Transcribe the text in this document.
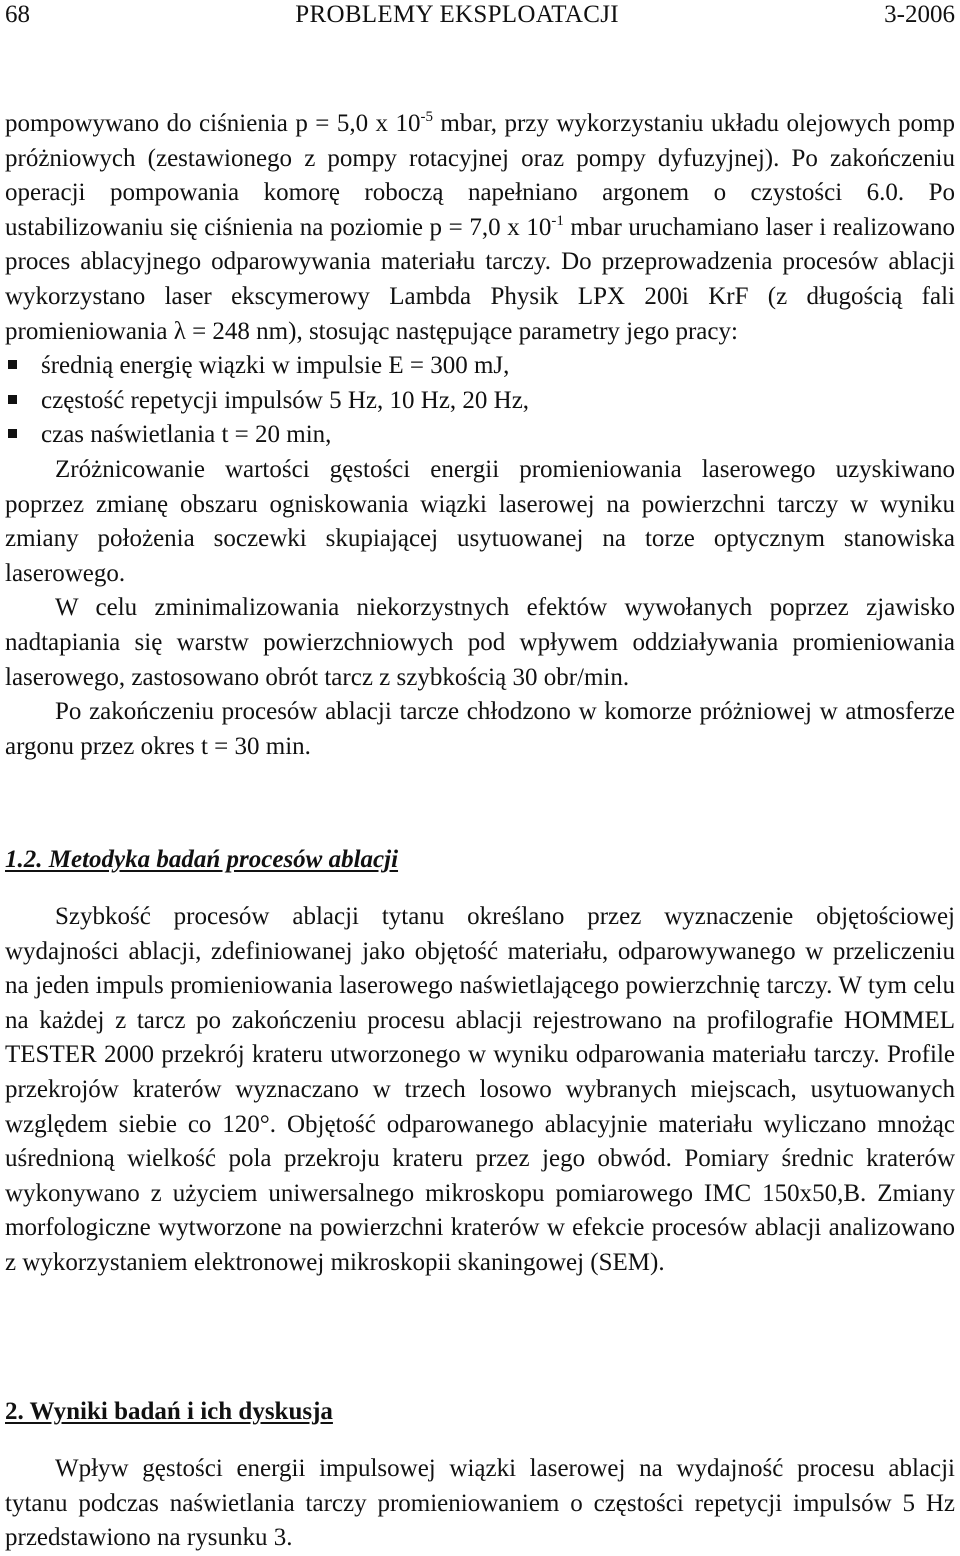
68	PROBLEMY EKSPLOATACJI	3-2006

pompowywano do ciśnienia p = 5,0 x $10^{-5}$ mbar, przy wykorzystaniu układu olejowych pomp próżniowych (zestawionego z pompy rotacyjnej oraz pompy dyfuzyjnej). Po zakończeniu operacji pompowania komorę roboczą napełniano argonem o czystości 6.0. Po ustabilizowaniu się ciśnienia na poziomie p = 7,0 x $10^{-1}$ mbar uruchamiano laser i realizowano proces ablacyjnego odparowywania materiału tarczy. Do przeprowadzenia procesów ablacji wykorzystano laser ekscymerowy Lambda Physik LPX 200i KrF (z długością fali promieniowania λ = 248 nm), stosując następujące parametry jego pracy:

średnią energię wiązki w impulsie E = 300 mJ,
częstość repetycji impulsów 5 Hz, 10 Hz, 20 Hz,
czas naświetlania t = 20 min,

Zróżnicowanie wartości gęstości energii promieniowania laserowego uzyskiwano poprzez zmianę obszaru ogniskowania wiązki laserowej na powierzchni tarczy w wyniku zmiany położenia soczewki skupiającej usytuowanej na torze optycznym stanowiska laserowego.

W celu zminimalizowania niekorzystnych efektów wywołanych poprzez zjawisko nadtapiania się warstw powierzchniowych pod wpływem oddziaływania promieniowania laserowego, zastosowano obrót tarcz z szybkością 30 obr/min.

Po zakończeniu procesów ablacji tarcze chłodzono w komorze próżniowej w atmosferze argonu przez okres t = 30 min.

1.2. Metodyka badań procesów ablacji

Szybkość procesów ablacji tytanu określano przez wyznaczenie objętościowej wydajności ablacji, zdefiniowanej jako objętość materiału, odparowywanego w przeliczeniu na jeden impuls promieniowania laserowego naświetlającego powierzchnię tarczy. W tym celu na każdej z tarcz po zakończeniu procesu ablacji rejestrowano na profilografie HOMMEL TESTER 2000 przekrój krateru utworzonego w wyniku odparowania materiału tarczy. Profile przekrojów kraterów wyznaczano w trzech losowo wybranych miejscach, usytuowanych względem siebie co 120°. Objętość odparowanego ablacyjnie materiału wyliczano mnożąc uśrednioną wielkość pola przekroju krateru przez jego obwód. Pomiary średnic kraterów wykonywano z użyciem uniwersalnego mikroskopu pomiarowego IMC 150x50,B. Zmiany morfologiczne wytworzone na powierzchni kraterów w efekcie procesów ablacji analizowano z wykorzystaniem elektronowej mikroskopii skaningowej (SEM).

2. Wyniki badań i ich dyskusja

Wpływ gęstości energii impulsowej wiązki laserowej na wydajność procesu ablacji tytanu podczas naświetlania tarczy promieniowaniem o częstości repetycji impulsów 5 Hz przedstawiono na rysunku 3.
